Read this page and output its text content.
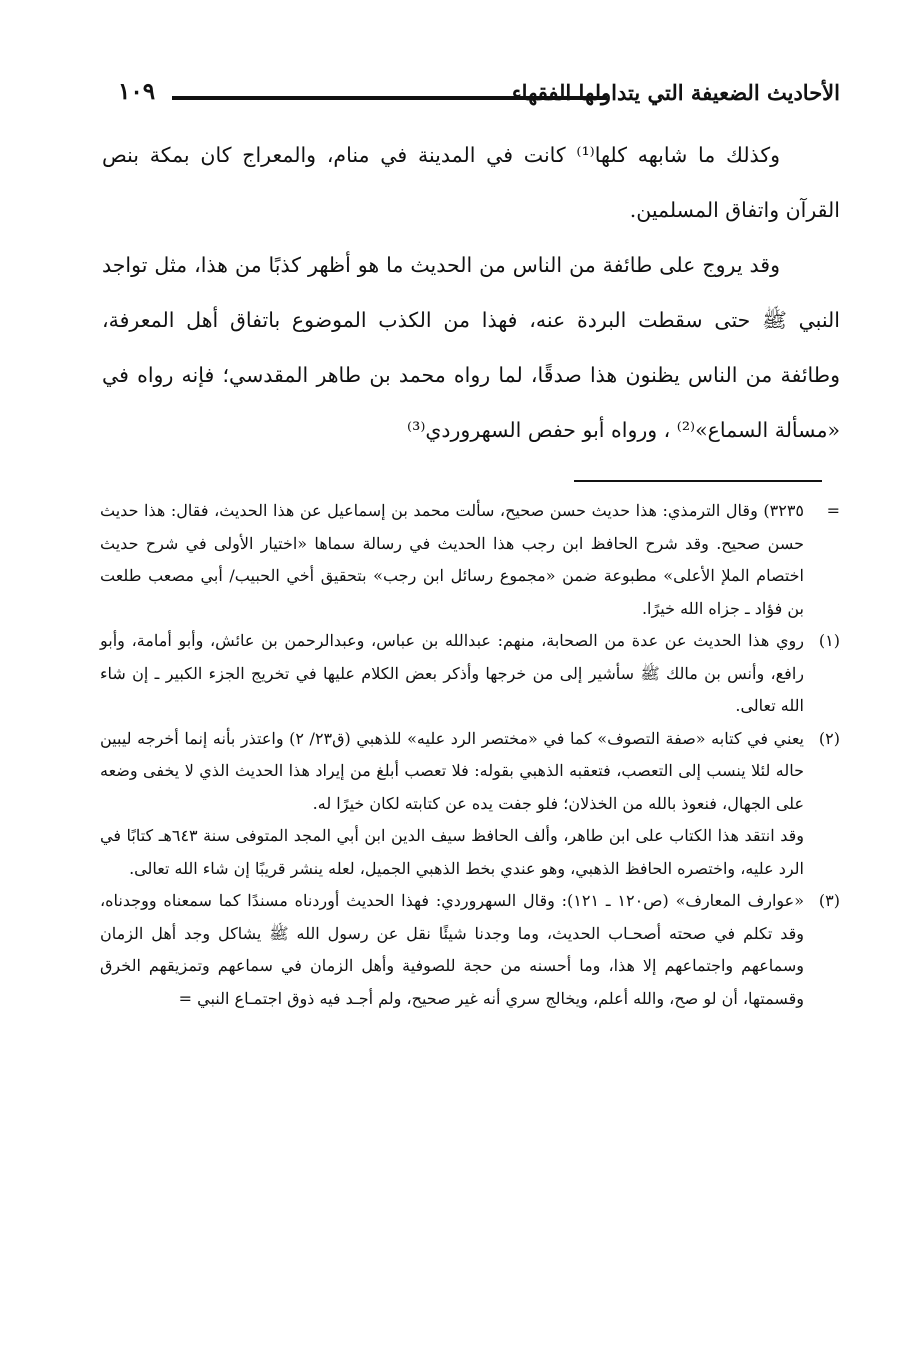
الأحاديث الضعيفة التي يتداولها الفقهاء
١٠٩

وكذلك ما شابهه كلها⁽¹⁾ كانت في المدينة في منام، والمعراج كان بمكة بنص القرآن واتفاق المسلمين.

وقد يروج على طائفة من الناس من الحديث ما هو أظهر كذبًا من هذا، مثل تواجد النبي ﷺ حتى سقطت البردة عنه، فهذا من الكذب الموضوع باتفاق أهل المعرفة، وطائفة من الناس يظنون هذا صدقًا، لما رواه محمد بن طاهر المقدسي؛ فإنه رواه في «مسألة السماع»⁽²⁾ ، ورواه أبو حفص السهروردي⁽³⁾

=

٣٢٣٥) وقال الترمذي: هذا حديث حسن صحيح، سألت محمد بن إسماعيل عن هذا الحديث، فقال: هذا حديث حسن صحيح. وقد شرح الحافظ ابن رجب هذا الحديث في رسالة سماها «اختيار الأولى في شرح حديث اختصام الملإ الأعلى» مطبوعة ضمن «مجموع رسائل ابن رجب» بتحقيق أخي الحبيب/ أبي مصعب طلعت بن فؤاد ـ جزاه الله خيرًا.

(١)

روي هذا الحديث عن عدة من الصحابة، منهم: عبدالله بن عباس، وعبدالرحمن بن عائش، وأبو أمامة، وأبو رافع، وأنس بن مالك ﷺ سأشير إلى من خرجها وأذكر بعض الكلام عليها في تخريج الجزء الكبير ـ إن شاء الله تعالى.

(٢)

يعني في كتابه «صفة التصوف» كما في «مختصر الرد عليه» للذهبي (ق٢٣/ ٢) واعتذر بأنه إنما أخرجه ليبين حاله لئلا ينسب إلى التعصب، فتعقبه الذهبي بقوله: فلا تعصب أبلغ من إيراد هذا الحديث الذي لا يخفى وضعه على الجهال، فنعوذ بالله من الخذلان؛ فلو جفت يده عن كتابته لكان خيرًا له.

وقد انتقد هذا الكتاب على ابن طاهر، وألف الحافظ سيف الدين ابن أبي المجد المتوفى سنة ٦٤٣هـ كتابًا في الرد عليه، واختصره الحافظ الذهبي، وهو عندي بخط الذهبي الجميل، لعله ينشر قريبًا إن شاء الله تعالى.

(٣)

«عوارف المعارف» (ص١٢٠ ـ ١٢١): وقال السهروردي: فهذا الحديث أوردناه مسندًا كما سمعناه ووجدناه، وقد تكلم في صحته أصحـاب الحديث، وما وجدنا شيئًا نقل عن رسول الله ﷺ يشاكل وجد أهل الزمان وسماعهم واجتماعهم إلا هذا، وما أحسنه من حجة للصوفية وأهل الزمان في سماعهم وتمزيقهم الخرق وقسمتها، أن لو صح، والله أعلم، ويخالج سري أنه غير صحيح، ولم أجـد فيه ذوق اجتمـاع النبي =
